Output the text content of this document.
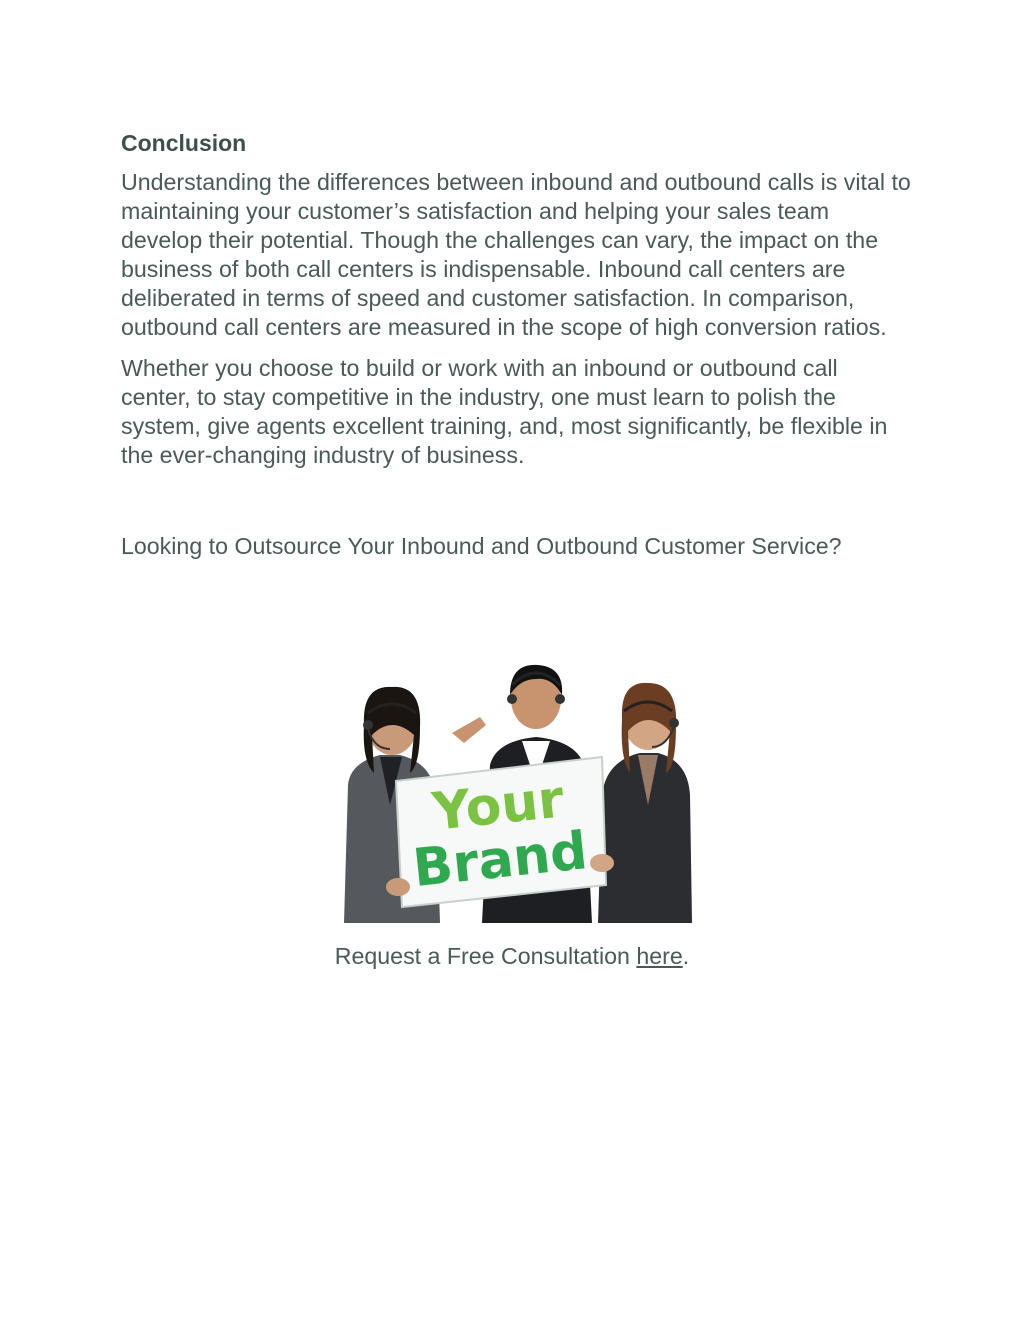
Conclusion

Understanding the differences between inbound and outbound calls is vital to maintaining your customer’s satisfaction and helping your sales team develop their potential. Though the challenges can vary, the impact on the business of both call centers is indispensable. Inbound call centers are deliberated in terms of speed and customer satisfaction. In comparison, outbound call centers are measured in the scope of high conversion ratios.

Whether you choose to build or work with an inbound or outbound call center, to stay competitive in the industry, one must learn to polish the system, give agents excellent training, and, most significantly, be flexible in the ever-changing industry of business.

Looking to Outsource Your Inbound and Outbound Customer Service?
Your
Brand
Request a Free Consultation here.
